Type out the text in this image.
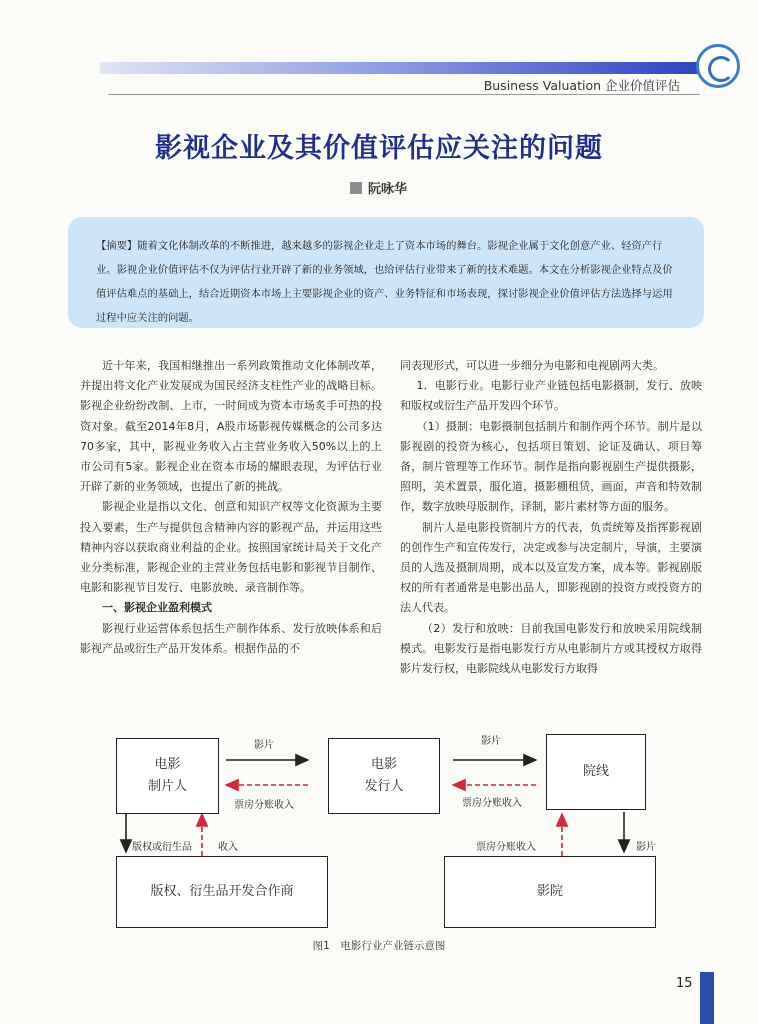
Business Valuation 企业价值评估
影视企业及其价值评估应关注的问题
阮咏华

【摘要】随着文化体制改革的不断推进，越来越多的影视企业走上了资本市场的舞台。影视企业属于文化创意产业、轻资产行业。影视企业价值评估不仅为评估行业开辟了新的业务领域，也给评估行业带来了新的技术难题。本文在分析影视企业特点及价值评估难点的基础上，结合近期资本市场上主要影视企业的资产、业务特征和市场表现，探讨影视企业价值评估方法选择与运用过程中应关注的问题。

近十年来，我国相继推出一系列政策推动文化体制改革，并提出将文化产业发展成为国民经济支柱性产业的战略目标。影视企业纷纷改制、上市，一时间成为资本市场炙手可热的投资对象。截至2014年8月，A股市场影视传媒概念的公司多达70多家，其中，影视业务收入占主营业务收入50%以上的上市公司有5家。影视企业在资本市场的耀眼表现，为评估行业开辟了新的业务领域，也提出了新的挑战。

影视企业是指以文化、创意和知识产权等文化资源为主要投入要素，生产与提供包含精神内容的影视产品，并运用这些精神内容以获取商业利益的企业。按照国家统计局关于文化产业分类标准，影视企业的主营业务包括电影和影视节目制作、电影和影视节目发行、电影放映、录音制作等。

一、影视企业盈利模式

影视行业运营体系包括生产制作体系、发行放映体系和后影视产品或衍生产品开发体系。根据作品的不

同表现形式，可以进一步细分为电影和电视剧两大类。

1．电影行业。电影行业产业链包括电影摄制，发行、放映和版权或衍生产品开发四个环节。

（1）摄制：电影摄制包括制片和制作两个环节。制片是以影视剧的投资为核心，包括项目策划、论证及确认、项目筹备，制片管理等工作环节。制作是指向影视剧生产提供摄影，照明，美术置景，服化道，摄影棚租赁，画面，声音和特效制作，数字放映母版制作，译制，影片素材等方面的服务。

制片人是电影投资制片方的代表，负责统筹及指挥影视剧的创作生产和宣传发行，决定或参与决定制片，导演，主要演员的人选及摄制周期，成本以及宣发方案，成本等。影视剧版权的所有者通常是电影出品人，即影视剧的投资方或投资方的法人代表。

（2）发行和放映：目前我国电影发行和放映采用院线制模式。电影发行是指电影发行方从电影制片方或其授权方取得影片发行权，电影院线从电影发行方取得

电影
制片人
电影
发行人
院线
版权、衍生品开发合作商	影院
影片
票房分账收入
影片
票房分账收入
版权或衍生品	收入	票房分账收入	影片
图1　电影行业产业链示意图
15
